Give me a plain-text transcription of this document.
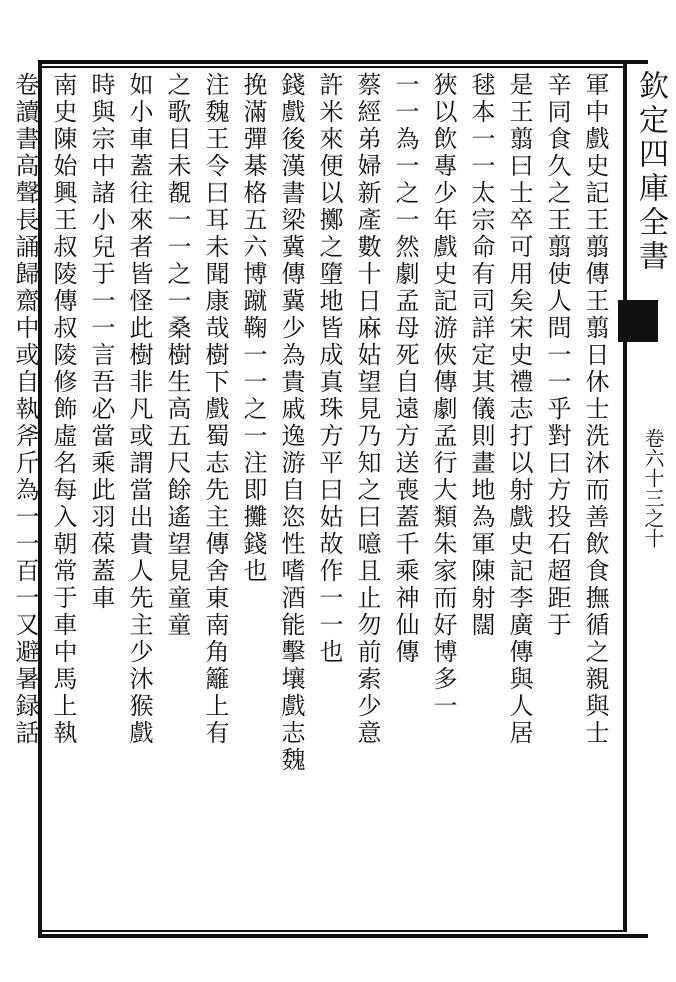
欽定四庫全書
卷六十三之十
軍中戲史記王翦傳王翦日休士洗沐而善飲食撫循之親與士
辛同食久之王翦使人問一一乎對曰方投石超距于
是王翦曰士卒可用矣宋史禮志打以射戲史記李廣傳與人居
毬本一一太宗命有司詳定其儀則畫地為軍陳射闊
狹以飲專少年戲史記游俠傳劇孟行大類朱家而好博多一
一一為一之一然劇孟母死自遠方送喪蓋千乘神仙傳
蔡經弟婦新產數十日麻姑望見乃知之曰噫且止勿前索少意
許米來便以擲之墮地皆成真珠方平曰姑故作一一也
錢戲後漢書梁冀傳冀少為貴戚逸游自恣性嗜酒能擊壤戲志魏
挽滿彈棊格五六博蹴鞠一一之一注即攤錢也
注魏王令曰耳未聞康哉樹下戲蜀志先主傳舍東南角籬上有
之歌目未覩一一之一桑樹生高五尺餘遙望見童童
如小車蓋往來者皆怪此樹非凡或謂當出貴人先主少沐猴戲
時與宗中諸小兒于一一言吾必當乘此羽葆蓋車
南史陳始興王叔陵傳叔陵修飾虛名每入朝常于車中馬上執
卷讀書高聲長誦歸齋中或自執斧斤為一一百一又避暑録話
